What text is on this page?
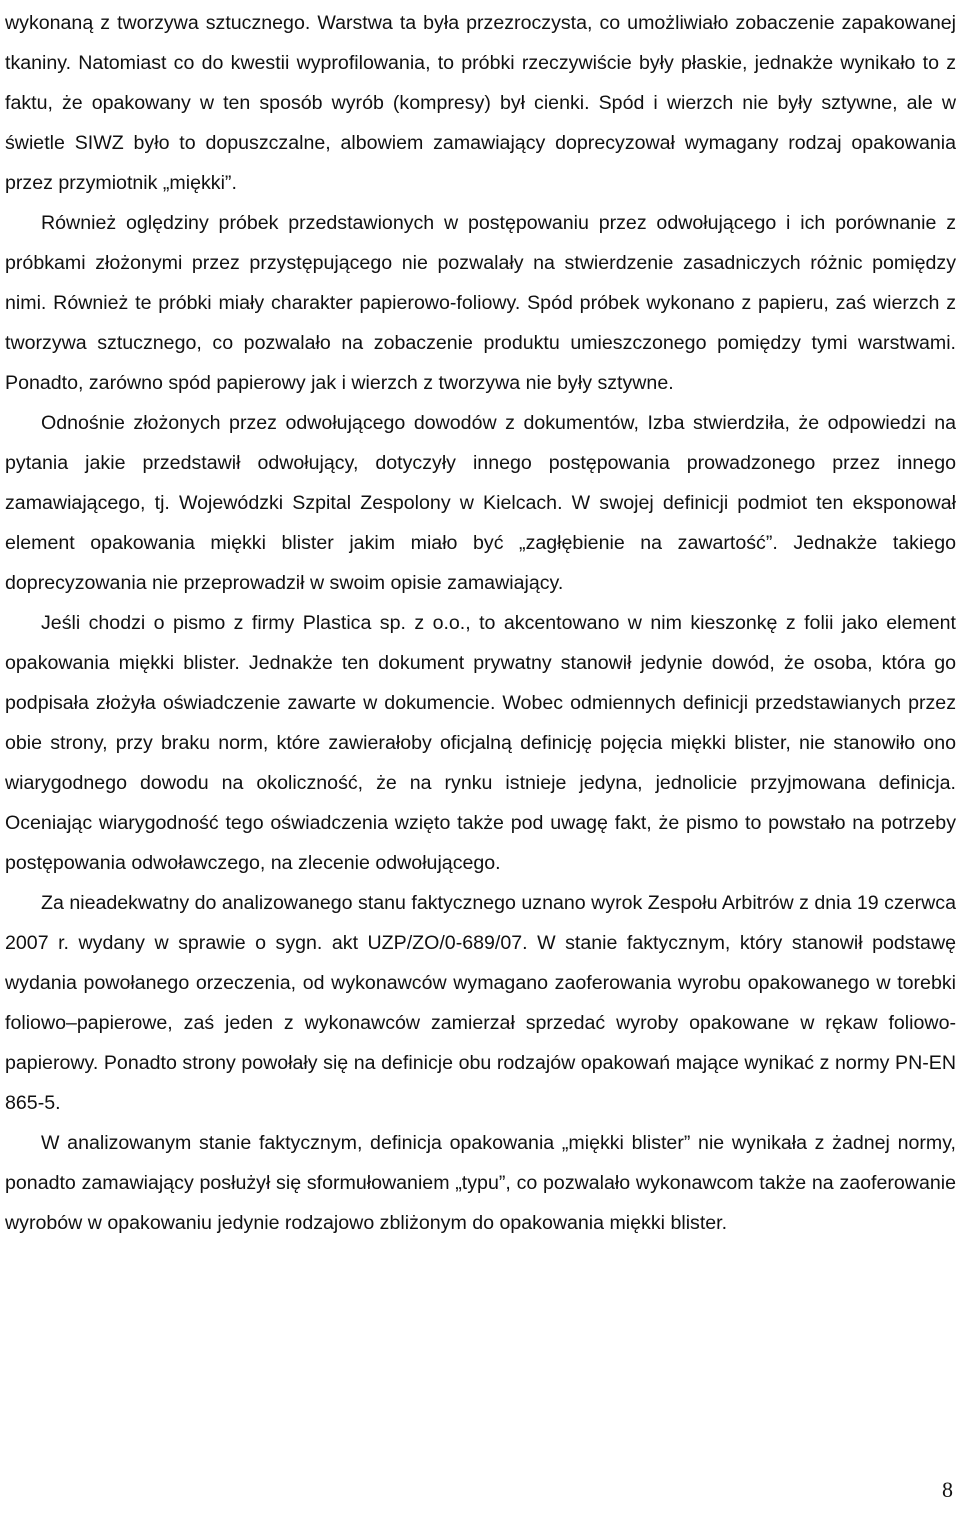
wykonaną z tworzywa sztucznego. Warstwa ta była przezroczysta, co umożliwiało zobaczenie zapakowanej tkaniny. Natomiast co do kwestii wyprofilowania, to próbki rzeczywiście były płaskie, jednakże wynikało to z faktu, że opakowany w ten sposób wyrób (kompresy) był cienki. Spód i wierzch nie były sztywne, ale w świetle SIWZ było to dopuszczalne, albowiem zamawiający doprecyzował wymagany rodzaj opakowania przez przymiotnik „miękki”.

Również oględziny próbek przedstawionych w postępowaniu przez odwołującego i ich porównanie z próbkami złożonymi przez przystępującego nie pozwalały na stwierdzenie zasadniczych różnic pomiędzy nimi. Również te próbki miały charakter papierowo-foliowy. Spód próbek wykonano z papieru, zaś wierzch z tworzywa sztucznego, co pozwalało na zobaczenie produktu umieszczonego pomiędzy tymi warstwami. Ponadto, zarówno spód papierowy jak i wierzch z tworzywa nie były sztywne.

Odnośnie złożonych przez odwołującego dowodów z dokumentów, Izba stwierdziła, że odpowiedzi na pytania jakie przedstawił odwołujący, dotyczyły innego postępowania prowadzonego przez innego zamawiającego, tj. Wojewódzki Szpital Zespolony w Kielcach. W swojej definicji podmiot ten eksponował element opakowania miękki blister jakim miało być „zagłębienie na zawartość”. Jednakże takiego doprecyzowania nie przeprowadził w swoim opisie zamawiający.

Jeśli chodzi o pismo z firmy Plastica sp. z o.o., to akcentowano w nim kieszonkę z folii jako element opakowania miękki blister. Jednakże ten dokument prywatny stanowił jedynie dowód, że osoba, która go podpisała złożyła oświadczenie zawarte w dokumencie. Wobec odmiennych definicji przedstawianych przez obie strony, przy braku norm, które zawierałoby oficjalną definicję pojęcia miękki blister, nie stanowiło ono wiarygodnego dowodu na okoliczność, że na rynku istnieje jedyna, jednolicie przyjmowana definicja. Oceniając wiarygodność tego oświadczenia wzięto także pod uwagę fakt, że pismo to powstało na potrzeby postępowania odwoławczego, na zlecenie odwołującego.

Za nieadekwatny do analizowanego stanu faktycznego uznano wyrok Zespołu Arbitrów z dnia 19 czerwca 2007 r. wydany w sprawie o sygn. akt UZP/ZO/0-689/07. W stanie faktycznym, który stanowił podstawę wydania powołanego orzeczenia, od wykonawców wymagano zaoferowania wyrobu opakowanego w torebki foliowo–papierowe, zaś jeden z wykonawców zamierzał sprzedać wyroby opakowane w rękaw foliowo-papierowy. Ponadto strony powołały się na definicje obu rodzajów opakowań mające wynikać z normy PN-EN 865-5.

W analizowanym stanie faktycznym, definicja opakowania „miękki blister” nie wynikała z żadnej normy, ponadto zamawiający posłużył się sformułowaniem „typu”, co pozwalało wykonawcom także na zaoferowanie wyrobów w opakowaniu jedynie rodzajowo zbliżonym do opakowania miękki blister.

8
